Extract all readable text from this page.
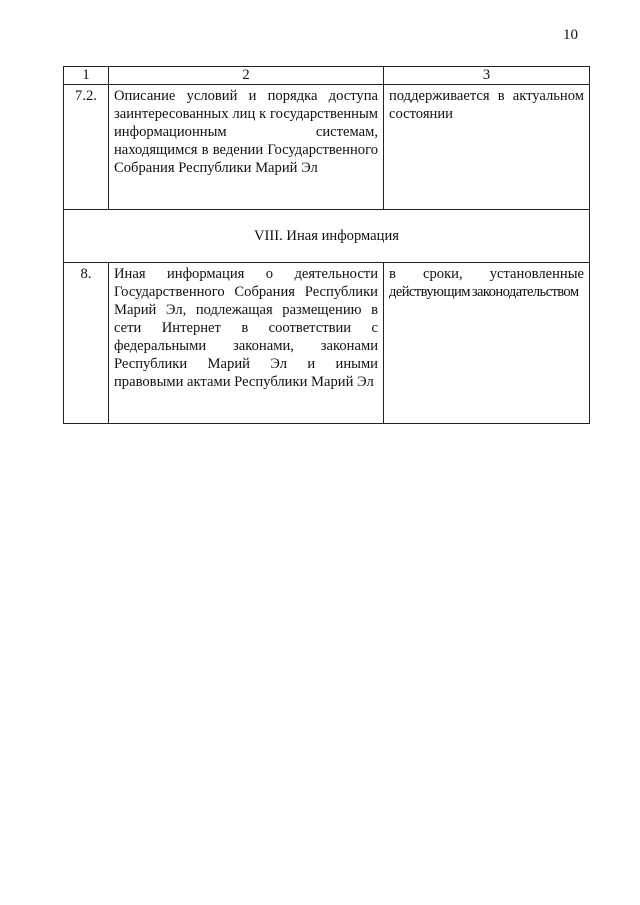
10
1	2	3
7.2.	Описание условий и порядка доступа заинтересованных лиц к государственным информационным системам, находящимся в ведении Государственного Собрания Республики Марий Эл	поддерживается в актуальном состоянии
VIII. Иная информация		
8.	Иная информация о деятельности Государственного Собрания Республики Марий Эл, подлежащая размещению в сети Интернет в соответствии с федеральными законами, законами Республики Марий Эл и иными правовыми актами Республики Марий Эл	в сроки, установленные
действующим законодательством
